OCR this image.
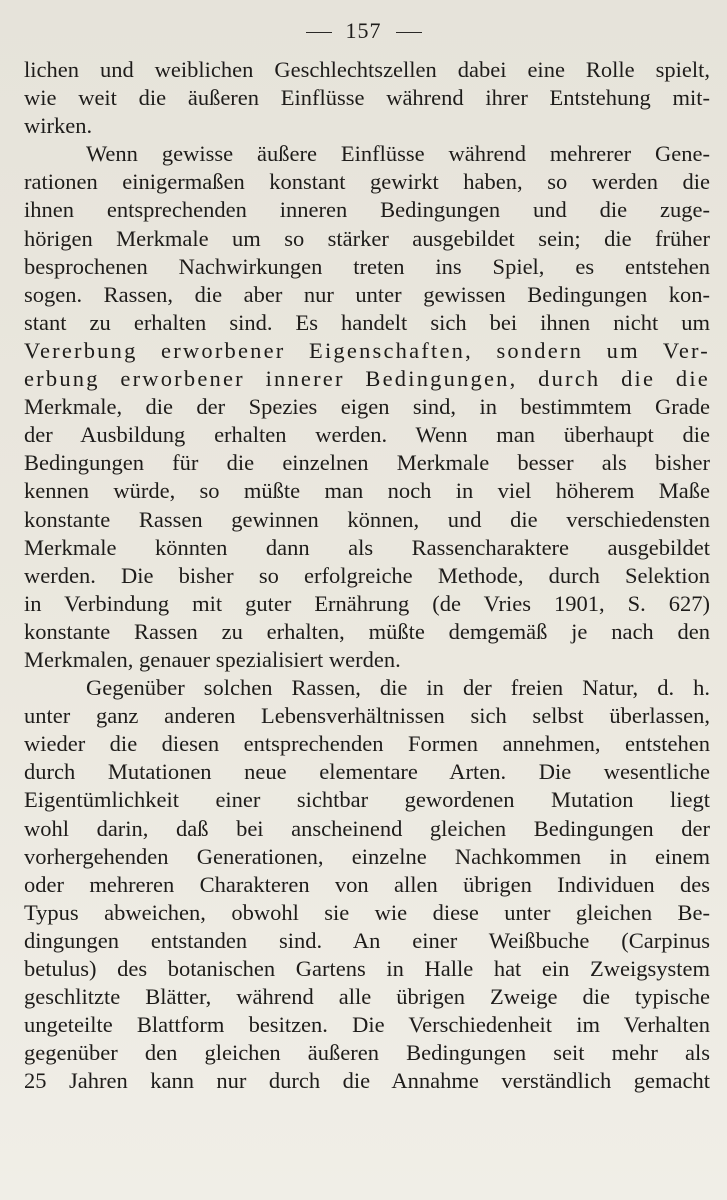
157
lichen und weiblichen Geschlechtszellen dabei eine Rolle spielt,
wie weit die äußeren Einflüsse während ihrer Entstehung mit-
wirken.
Wenn gewisse äußere Einflüsse während mehrerer Gene-
rationen einigermaßen konstant gewirkt haben, so werden die
ihnen entsprechenden inneren Bedingungen und die zuge-
hörigen Merkmale um so stärker ausgebildet sein; die früher
besprochenen Nachwirkungen treten ins Spiel, es entstehen
sogen. Rassen, die aber nur unter gewissen Bedingungen kon-
stant zu erhalten sind. Es handelt sich bei ihnen nicht um
Vererbung erworbener Eigenschaften, sondern um Ver-
erbung erworbener innerer Bedingungen, durch die die
Merkmale, die der Spezies eigen sind, in bestimmtem Grade
der Ausbildung erhalten werden. Wenn man überhaupt die
Bedingungen für die einzelnen Merkmale besser als bisher
kennen würde, so müßte man noch in viel höherem Maße
konstante Rassen gewinnen können, und die verschiedensten
Merkmale könnten dann als Rassencharaktere ausgebildet
werden. Die bisher so erfolgreiche Methode, durch Selektion
in Verbindung mit guter Ernährung (de Vries 1901, S. 627)
konstante Rassen zu erhalten, müßte demgemäß je nach den
Merkmalen, genauer spezialisiert werden.
Gegenüber solchen Rassen, die in der freien Natur, d. h.
unter ganz anderen Lebensverhältnissen sich selbst überlassen,
wieder die diesen entsprechenden Formen annehmen, entstehen
durch Mutationen neue elementare Arten. Die wesentliche
Eigentümlichkeit einer sichtbar gewordenen Mutation liegt
wohl darin, daß bei anscheinend gleichen Bedingungen der
vorhergehenden Generationen, einzelne Nachkommen in einem
oder mehreren Charakteren von allen übrigen Individuen des
Typus abweichen, obwohl sie wie diese unter gleichen Be-
dingungen entstanden sind. An einer Weißbuche (Carpinus
betulus) des botanischen Gartens in Halle hat ein Zweigsystem
geschlitzte Blätter, während alle übrigen Zweige die typische
ungeteilte Blattform besitzen. Die Verschiedenheit im Verhalten
gegenüber den gleichen äußeren Bedingungen seit mehr als
25 Jahren kann nur durch die Annahme verständlich gemacht
